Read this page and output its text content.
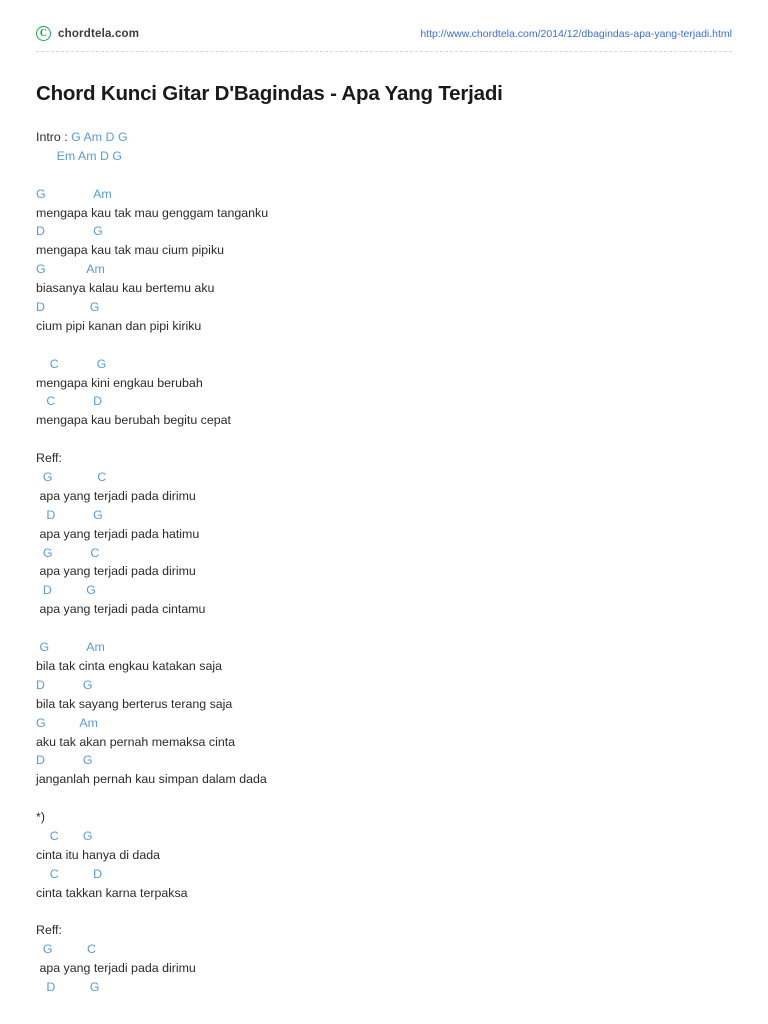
C chordtela.com	http://www.chordtela.com/2014/12/dbagindas-apa-yang-terjadi.html
Chord Kunci Gitar D'Bagindas - Apa Yang Terjadi
Intro : G Am D G
Em Am D G

G              Am
mengapa kau tak mau genggam tanganku
D              G
mengapa kau tak mau cium pipiku
G            Am
biasanya kalau kau bertemu aku
D             G
cium pipi kanan dan pipi kiriku

C           G
mengapa kini engkau berubah
C           D
mengapa kau berubah begitu cepat

Reff:
G             C
apa yang terjadi pada dirimu
D           G
apa yang terjadi pada hatimu
G           C
apa yang terjadi pada dirimu
D          G
apa yang terjadi pada cintamu

G           Am
bila tak cinta engkau katakan saja
D           G
bila tak sayang berterus terang saja
G          Am
aku tak akan pernah memaksa cinta
D           G
janganlah pernah kau simpan dalam dada

*)
C       G
cinta itu hanya di dada
C          D
cinta takkan karna terpaksa

Reff:
G          C
apa yang terjadi pada dirimu
D          G
